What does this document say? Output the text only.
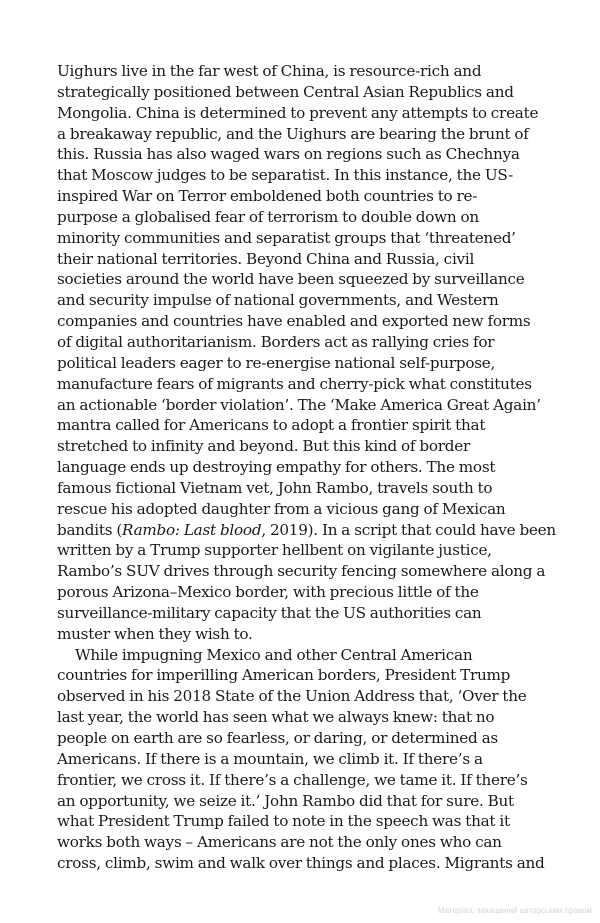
Uighurs live in the far west of China, is resource-rich and
strategically positioned between Central Asian Republics and
Mongolia. China is determined to prevent any attempts to create
a breakaway republic, and the Uighurs are bearing the brunt of
this. Russia has also waged wars on regions such as Chechnya
that Moscow judges to be separatist. In this instance, the US-
inspired War on Terror emboldened both countries to re-
purpose a globalised fear of terrorism to double down on
minority communities and separatist groups that ‘threatened’
their national territories. Beyond China and Russia, civil
societies around the world have been squeezed by surveillance
and security impulse of national governments, and Western
companies and countries have enabled and exported new forms
of digital authoritarianism. Borders act as rallying cries for
political leaders eager to re-energise national self-purpose,
manufacture fears of migrants and cherry-pick what constitutes
an actionable ‘border violation’. The ‘Make America Great Again’
mantra called for Americans to adopt a frontier spirit that
stretched to infinity and beyond. But this kind of border
language ends up destroying empathy for others. The most
famous fictional Vietnam vet, John Rambo, travels south to
rescue his adopted daughter from a vicious gang of Mexican
bandits (Rambo: Last blood, 2019). In a script that could have been
written by a Trump supporter hellbent on vigilante justice,
Rambo’s SUV drives through security fencing somewhere along a
porous Arizona–Mexico border, with precious little of the
surveillance-military capacity that the US authorities can
muster when they wish to.
While impugning Mexico and other Central American
countries for imperilling American borders, President Trump
observed in his 2018 State of the Union Address that, ‘Over the
last year, the world has seen what we always knew: that no
people on earth are so fearless, or daring, or determined as
Americans. If there is a mountain, we climb it. If there’s a
frontier, we cross it. If there’s a challenge, we tame it. If there’s
an opportunity, we seize it.’ John Rambo did that for sure. But
what President Trump failed to note in the speech was that it
works both ways – Americans are not the only ones who can
cross, climb, swim and walk over things and places. Migrants and
Матеріал, захищений авторським правом
